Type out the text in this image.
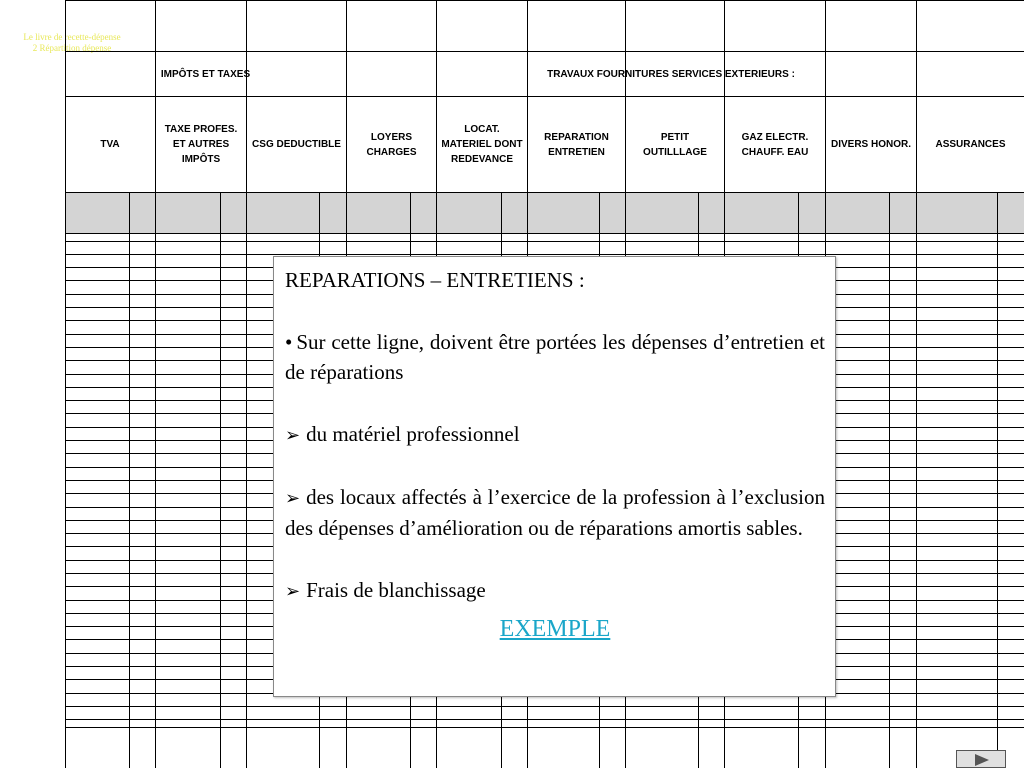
Le livre de recette-dépense
2 Répartition dépense
IMPÔTS ET TAXES	TRAVAUX FOURNITURES SERVICES EXTERIEURS :
TVA
TAXE PROFES.
ET AUTRES
IMPÔTS
CSG DEDUCTIBLE
LOYERS
CHARGES
LOCAT.
MATERIEL DONT
REDEVANCE
REPARATION
ENTRETIEN
PETIT
OUTILLLAGE
GAZ ELECTR.
CHAUFF. EAU
DIVERS HONOR.	ASSURANCES

REPARATIONS – ENTRETIENS :

• Sur cette ligne, doivent être portées les dépenses d’entretien et de réparations

➢ du matériel professionnel

➢ des locaux affectés à l’exercice de la profession à l’exclusion des dépenses d’amélioration ou de réparations amortis sables.

➢ Frais de blanchissage

EXEMPLE
